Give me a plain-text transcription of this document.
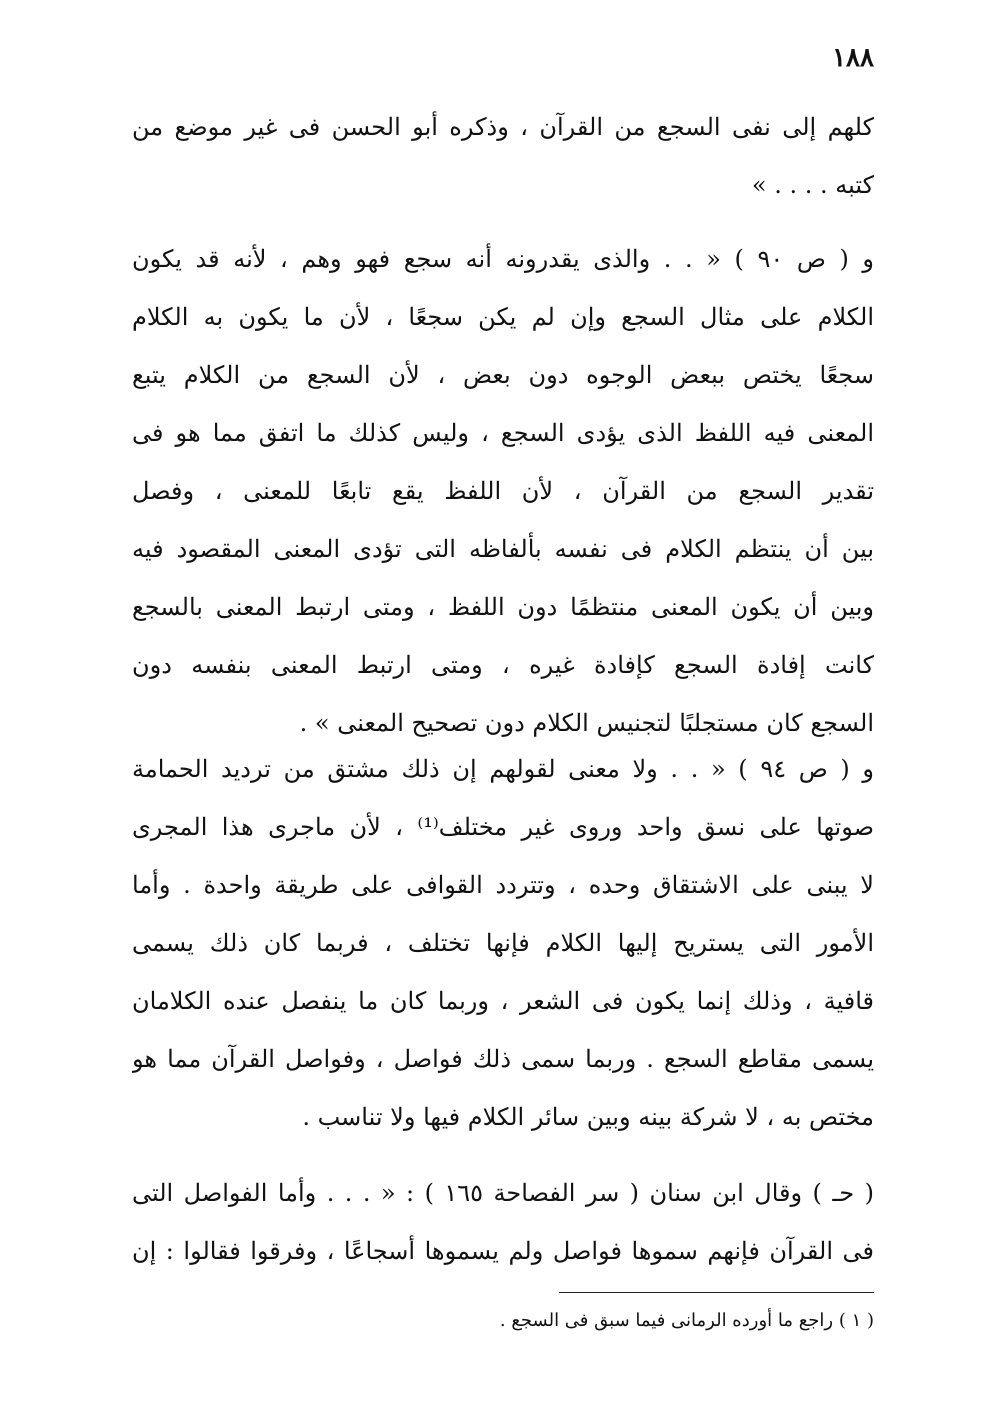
١٨٨
كلهم إلى نفى السجع من القرآن ، وذكره أبو الحسن فى غير موضع من
كتبه . . . . »
و ( ص ٩٠ ) « . . والذى يقدرونه أنه سجع فهو وهم ، لأنه قد يكون
الكلام على مثال السجع وإن لم يكن سجعًا ، لأن ما يكون به الكلام
سجعًا يختص ببعض الوجوه دون بعض ، لأن السجع من الكلام يتبع
المعنى فيه اللفظ الذى يؤدى السجع ، وليس كذلك ما اتفق مما هو فى
تقدير السجع من القرآن ، لأن اللفظ يقع تابعًا للمعنى ، وفصل
بين أن ينتظم الكلام فى نفسه بألفاظه التى تؤدى المعنى المقصود فيه
وبين أن يكون المعنى منتظمًا دون اللفظ ، ومتى ارتبط المعنى بالسجع
كانت إفادة السجع كإفادة غيره ، ومتى ارتبط المعنى بنفسه دون
السجع كان مستجلبًا لتجنيس الكلام دون تصحيح المعنى » .
و ( ص ٩٤ ) « . . ولا معنى لقولهم إن ذلك مشتق من ترديد الحمامة
صوتها على نسق واحد وروى غير مختلف⁽¹⁾ ، لأن ماجرى هذا المجرى
لا يبنى على الاشتقاق وحده ، وتتردد القوافى على طريقة واحدة . وأما
الأمور التى يستريح إليها الكلام فإنها تختلف ، فربما كان ذلك يسمى
قافية ، وذلك إنما يكون فى الشعر ، وربما كان ما ينفصل عنده الكلامان
يسمى مقاطع السجع . وربما سمى ذلك فواصل ، وفواصل القرآن مما هو
مختص به ، لا شركة بينه وبين سائر الكلام فيها ولا تناسب .
( حـ ) وقال ابن سنان ( سر الفصاحة ١٦٥ ) : « . . . وأما الفواصل التى
فى القرآن فإنهم سموها فواصل ولم يسموها أسجاعًا ، وفرقوا فقالوا : إن
( ١ ) راجع ما أورده الرمانى فيما سبق فى السجع .
